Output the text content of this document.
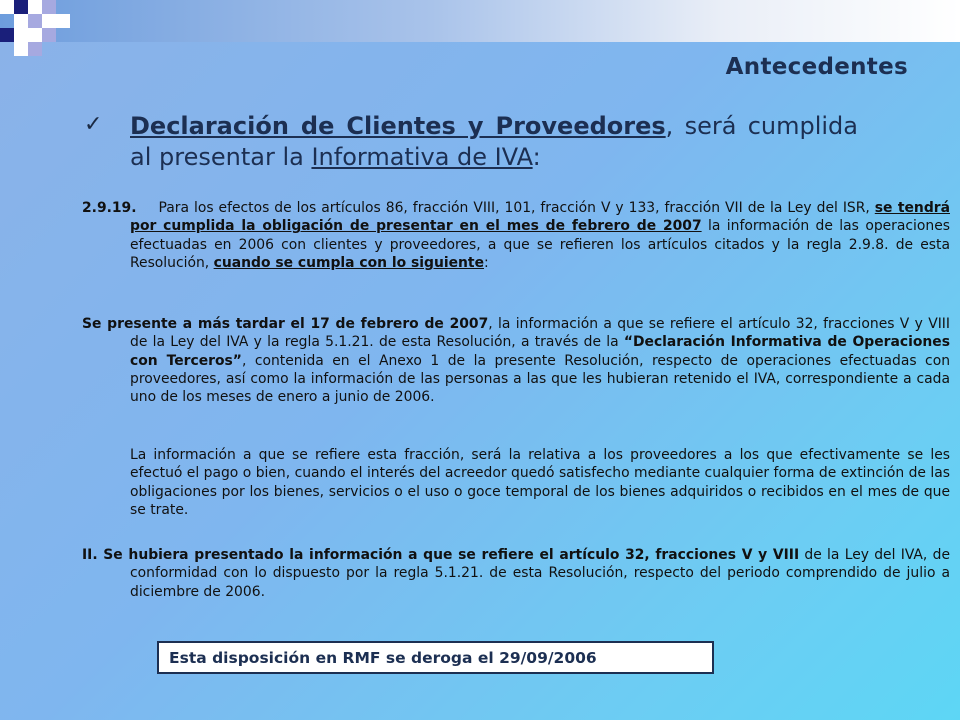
Antecedentes
✓ Declaración de Clientes y Proveedores, será cumplida al presentar la Informativa de IVA:
2.9.19. Para los efectos de los artículos 86, fracción VIII, 101, fracción V y 133, fracción VII de la Ley del ISR, se tendrá por cumplida la obligación de presentar en el mes de febrero de 2007 la información de las operaciones efectuadas en 2006 con clientes y proveedores, a que se refieren los artículos citados y la regla 2.9.8. de esta Resolución, cuando se cumpla con lo siguiente:
Se presente a más tardar el 17 de febrero de 2007, la información a que se refiere el artículo 32, fracciones V y VIII de la Ley del IVA y la regla 5.1.21. de esta Resolución, a través de la “Declaración Informativa de Operaciones con Terceros”, contenida en el Anexo 1 de la presente Resolución, respecto de operaciones efectuadas con proveedores, así como la información de las personas a las que les hubieran retenido el IVA, correspondiente a cada uno de los meses de enero a junio de 2006.
La información a que se refiere esta fracción, será la relativa a los proveedores a los que efectivamente se les efectuó el pago o bien, cuando el interés del acreedor quedó satisfecho mediante cualquier forma de extinción de las obligaciones por los bienes, servicios o el uso o goce temporal de los bienes adquiridos o recibidos en el mes de que se trate.
II. Se hubiera presentado la información a que se refiere el artículo 32, fracciones V y VIII de la Ley del IVA, de conformidad con lo dispuesto por la regla 5.1.21. de esta Resolución, respecto del periodo comprendido de julio a diciembre de 2006.
Esta disposición en RMF se deroga el 29/09/2006
